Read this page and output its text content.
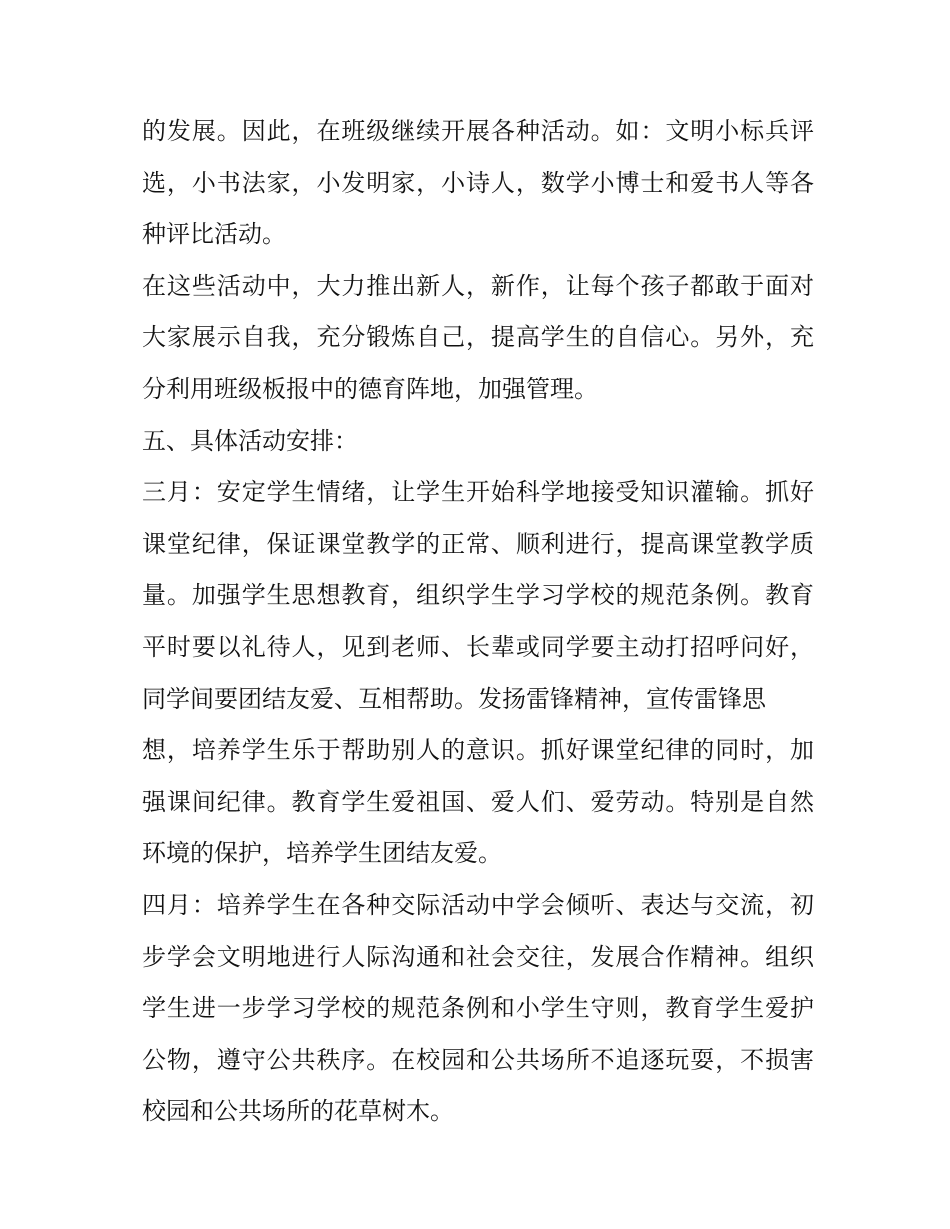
的发展。因此，在班级继续开展各种活动。如：文明小标兵评
选，小书法家，小发明家，小诗人，数学小博士和爱书人等各
种评比活动。

在这些活动中，大力推出新人，新作，让每个孩子都敢于面对
大家展示自我，充分锻炼自己，提高学生的自信心。另外，充
分利用班级板报中的德育阵地，加强管理。

五、具体活动安排：

三月：安定学生情绪，让学生开始科学地接受知识灌输。抓好
课堂纪律，保证课堂教学的正常、顺利进行，提高课堂教学质
量。加强学生思想教育，组织学生学习学校的规范条例。教育
平时要以礼待人，见到老师、长辈或同学要主动打招呼问好，
同学间要团结友爱、互相帮助。发扬雷锋精神，宣传雷锋思
想，培养学生乐于帮助别人的意识。抓好课堂纪律的同时，加
强课间纪律。教育学生爱祖国、爱人们、爱劳动。特别是自然
环境的保护，培养学生团结友爱。

四月：培养学生在各种交际活动中学会倾听、表达与交流，初
步学会文明地进行人际沟通和社会交往，发展合作精神。组织
学生进一步学习学校的规范条例和小学生守则，教育学生爱护
公物，遵守公共秩序。在校园和公共场所不追逐玩耍，不损害
校园和公共场所的花草树木。
